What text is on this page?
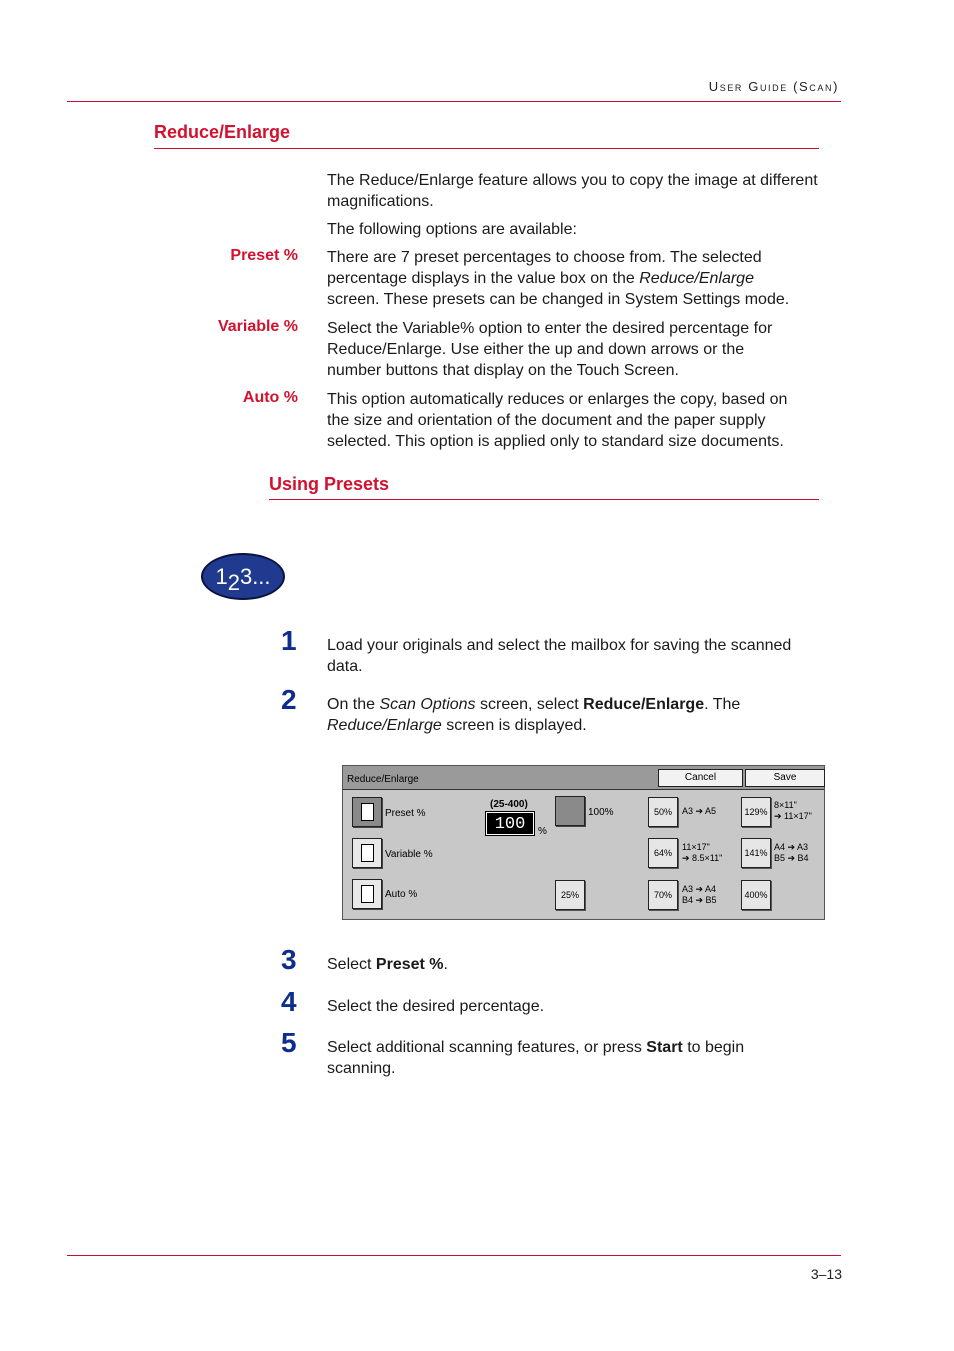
User Guide (Scan)
Reduce/Enlarge
The Reduce/Enlarge feature allows you to copy the image at different magnifications.
The following options are available:
Preset % There are 7 preset percentages to choose from. The selected
percentage displays in the value box on the Reduce/Enlarge
screen. These presets can be changed in System Settings mode.
Variable % Select the Variable% option to enter the desired percentage for
Reduce/Enlarge. Use either the up and down arrows or the
number buttons that display on the Touch Screen.
Auto % This option automatically reduces or enlarges the copy, based on
the size and orientation of the document and the paper supply
selected. This option is applied only to standard size documents.
Using Presets
1 2 3...
1	Load your originals and select the mailbox for saving the scanned
data.
2	On the Scan Options screen, select Reduce/Enlarge. The
Reduce/Enlarge screen is displayed.
Reduce/Enlarge	Cancel	Save
Preset %
Variable %
Auto %
(25-400)
100	%
100%
25%
50%	A3 ➔ A5	129%
8×11"
➔ 11×17"
64%
11×17"
➔ 8.5×11"	141%
A4 ➔ A3
B5 ➔ B4
70%
A3 ➔ A4
B4 ➔ B5	400%
3	Select Preset %.
4	Select the desired percentage.
5	Select additional scanning features, or press Start to begin
scanning.
3–13
